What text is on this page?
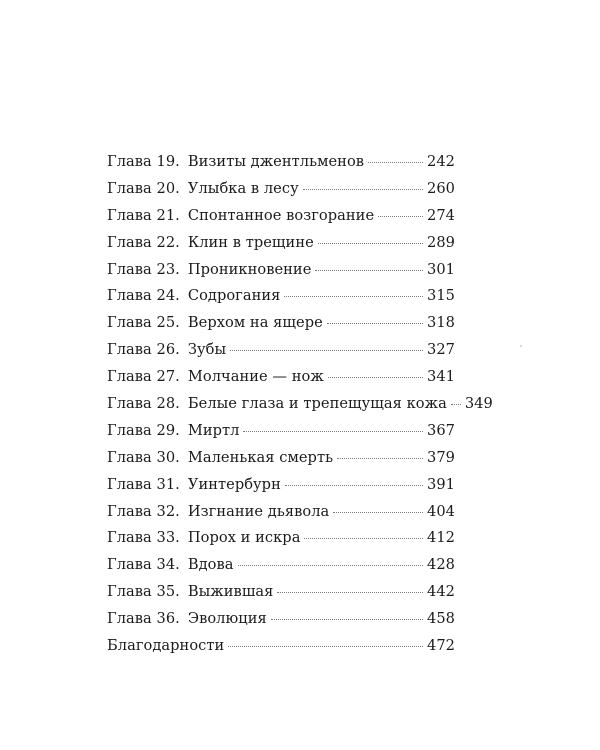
Глава 19. Визиты джентльменов	242
Глава 20. Улыбка в лесу	260
Глава 21. Спонтанное возгорание	274
Глава 22. Клин в трещине	289
Глава 23. Проникновение	301
Глава 24. Содрогания	315
Глава 25. Верхом на ящере	318
Глава 26. Зубы	327
Глава 27. Молчание — нож	341
Глава 28. Белые глаза и трепещущая кожа 349
Глава 29. Миртл	367
Глава 30. Маленькая смерть	379
Глава 31. Уинтербурн	391
Глава 32. Изгнание дьявола	404
Глава 33. Порох и искра	412
Глава 34. Вдова	428
Глава 35. Выжившая	442
Глава 36. Эволюция	458
Благодарности	472
